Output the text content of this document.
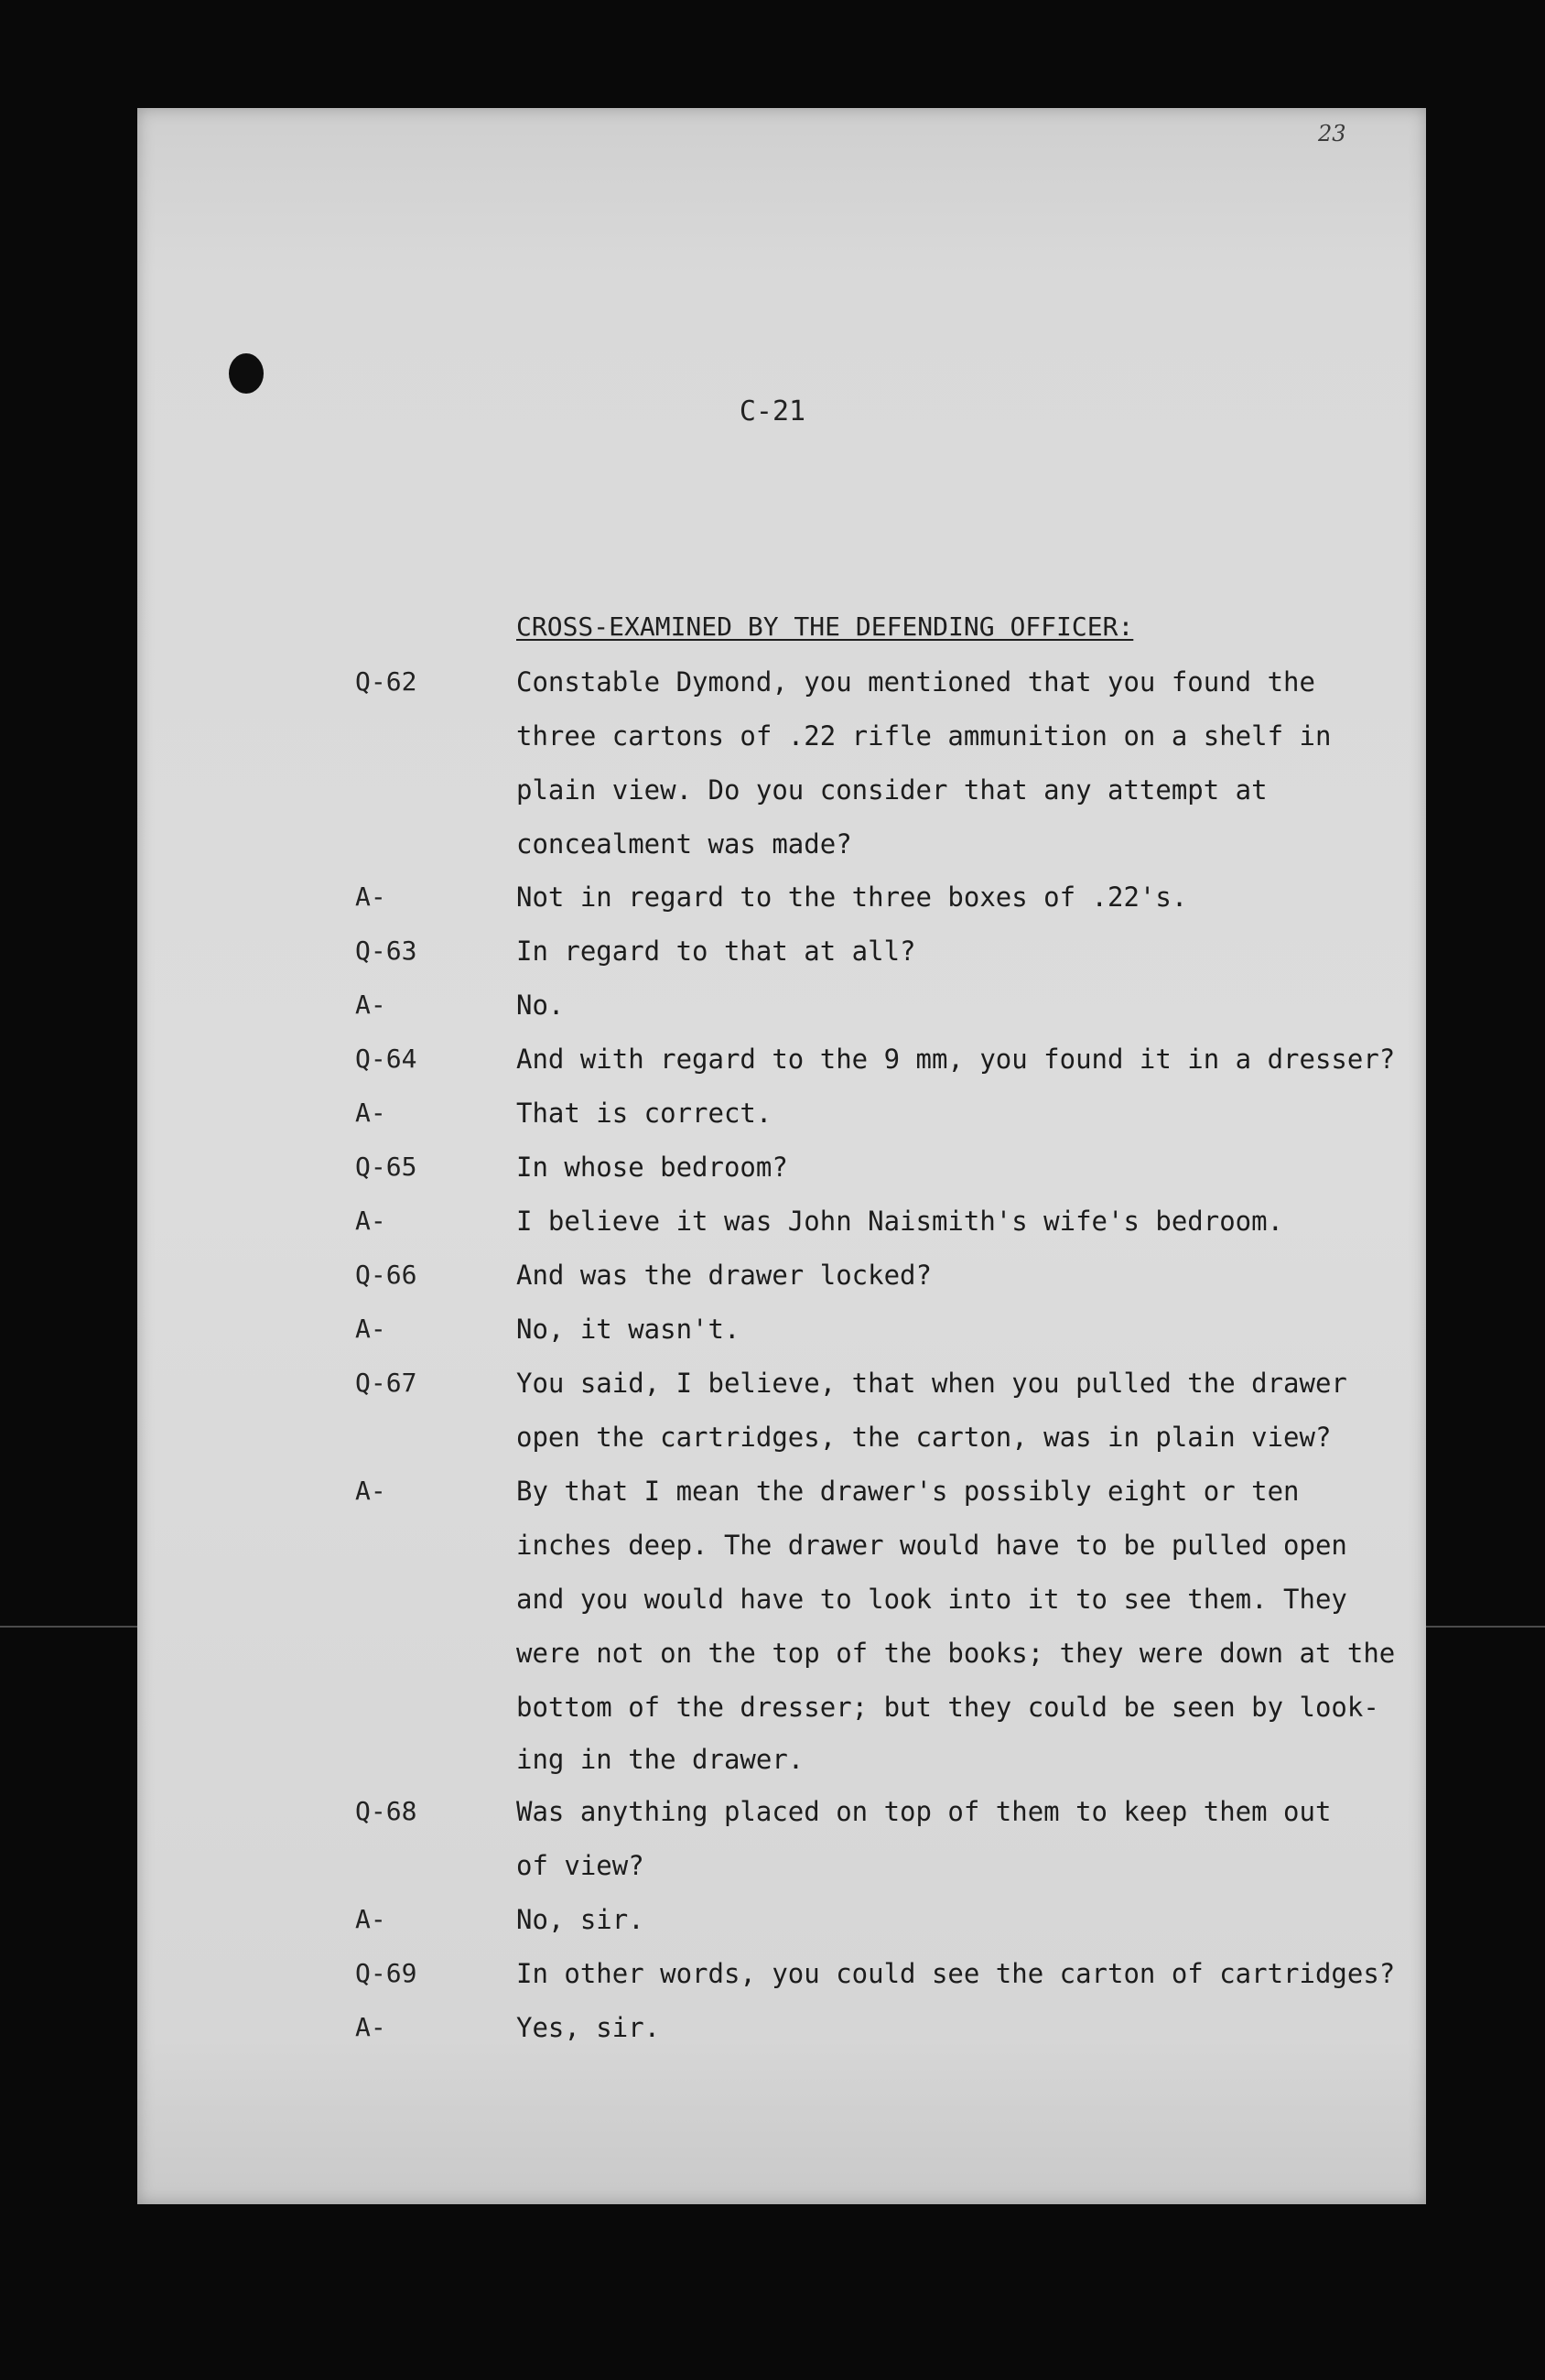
23
C-21
CROSS-EXAMINED BY THE DEFENDING OFFICER:
Q-62
A-
Q-63
A-
Q-64
A-
Q-65
A-
Q-66
A-
Q-67
A-
Q-68
A-
Q-69
A-
Constable Dymond, you mentioned that you found the
three cartons of .22 rifle ammunition on a shelf in
plain view. Do you consider that any attempt at
concealment was made?
Not in regard to the three boxes of .22's.
In regard to that at all?
No.
And with regard to the 9 mm, you found it in a dresser?
That is correct.
In whose bedroom?
I believe it was John Naismith's wife's bedroom.
And was the drawer locked?
No, it wasn't.
You said, I believe, that when you pulled the drawer
open the cartridges, the carton, was in plain view?
By that I mean the drawer's possibly eight or ten
inches deep. The drawer would have to be pulled open
and you would have to look into it to see them. They
were not on the top of the books; they were down at the
bottom of the dresser; but they could be seen by look-
ing in the drawer.
Was anything placed on top of them to keep them out
of view?
No, sir.
In other words, you could see the carton of cartridges?
Yes, sir.
